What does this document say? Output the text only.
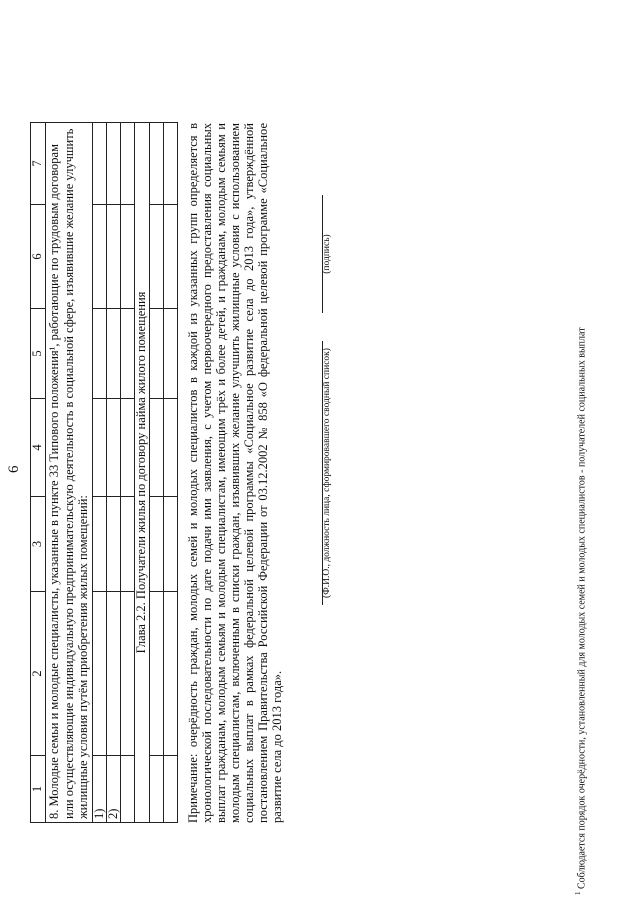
6
1	2	3	4	5	6	7
8. Молодые семьи и молодые специалисты, указанные в пункте 33 Типового положения¹, работающие по трудовым договорам или осуществляющие индивидуальную предпринимательскую деятельность в социальной сфере, изъявившие желание улучшить жилищные условия путём приобретения жилых помещений:						
1)						
2)						

Глава 2.2. Получатели жилья по договору найма жилого помещения						

							Примечание: очерёдность граждан, молодых семей и молодых специалистов в каждой из указанных групп определяется в хронологической последовательности по дате подачи ими заявления, с учетом первоочередного предоставления социальных выплат гражданам, молодым семьям и молодым специалистам, имеющим трёх и более детей, и гражданам, молодым семьям и молодым специалистам, включенным в списки граждан, изъявивших желание улучшить жилищные условия с использованием социальных выплат в рамках федеральной целевой программы «Социальное развитие села до 2013 года», утверждённой постановлением Правительства Российской Федерации от 03.12.2002 № 858 «О федеральной целевой программе «Социальное развитие села до 2013 года».

(Ф.И.О., должность лица, сформировавшего сводный список)
(подпись)
$^1$ Соблюдается порядок очерёдности, установленный для молодых семей и молодых специалистов - получателей социальных выплат
